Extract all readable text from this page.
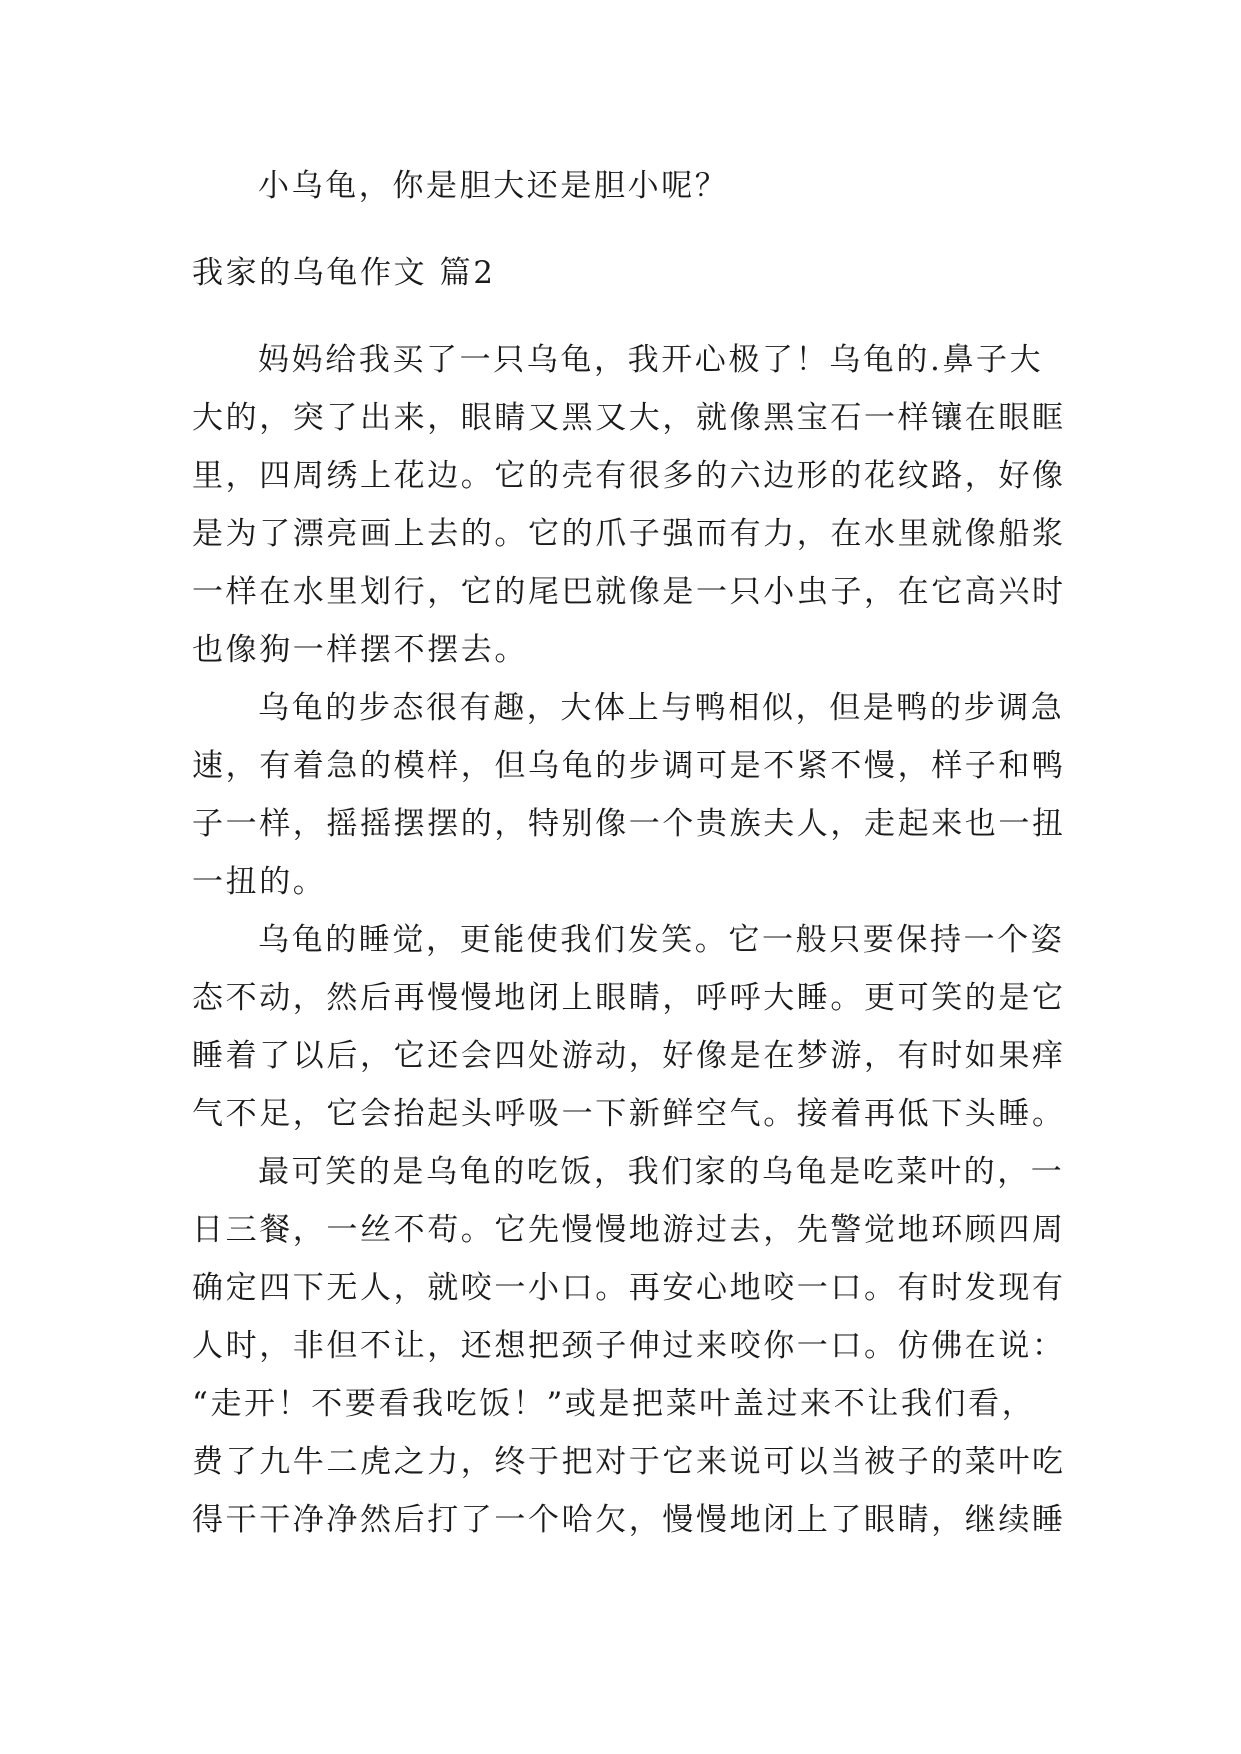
小乌龟，你是胆大还是胆小呢？
我家的乌龟作文 篇2
妈妈给我买了一只乌龟，我开心极了！乌龟的.鼻子大
大的，突了出来，眼睛又黑又大，就像黑宝石一样镶在眼眶
里，四周绣上花边。它的壳有很多的六边形的花纹路，好像
是为了漂亮画上去的。它的爪子强而有力，在水里就像船浆
一样在水里划行，它的尾巴就像是一只小虫子，在它高兴时
也像狗一样摆不摆去。
乌龟的步态很有趣，大体上与鸭相似，但是鸭的步调急
速，有着急的模样，但乌龟的步调可是不紧不慢，样子和鸭
子一样，摇摇摆摆的，特别像一个贵族夫人，走起来也一扭
一扭的。
乌龟的睡觉，更能使我们发笑。它一般只要保持一个姿
态不动，然后再慢慢地闭上眼睛，呼呼大睡。更可笑的是它
睡着了以后，它还会四处游动，好像是在梦游，有时如果痒
气不足，它会抬起头呼吸一下新鲜空气。接着再低下头睡。
最可笑的是乌龟的吃饭，我们家的乌龟是吃菜叶的，一
日三餐，一丝不苟。它先慢慢地游过去，先警觉地环顾四周
确定四下无人，就咬一小口。再安心地咬一口。有时发现有
人时，非但不让，还想把颈子伸过来咬你一口。仿佛在说：
“走开！不要看我吃饭！”或是把菜叶盖过来不让我们看，
费了九牛二虎之力，终于把对于它来说可以当被子的菜叶吃
得干干净净然后打了一个哈欠，慢慢地闭上了眼睛，继续睡
